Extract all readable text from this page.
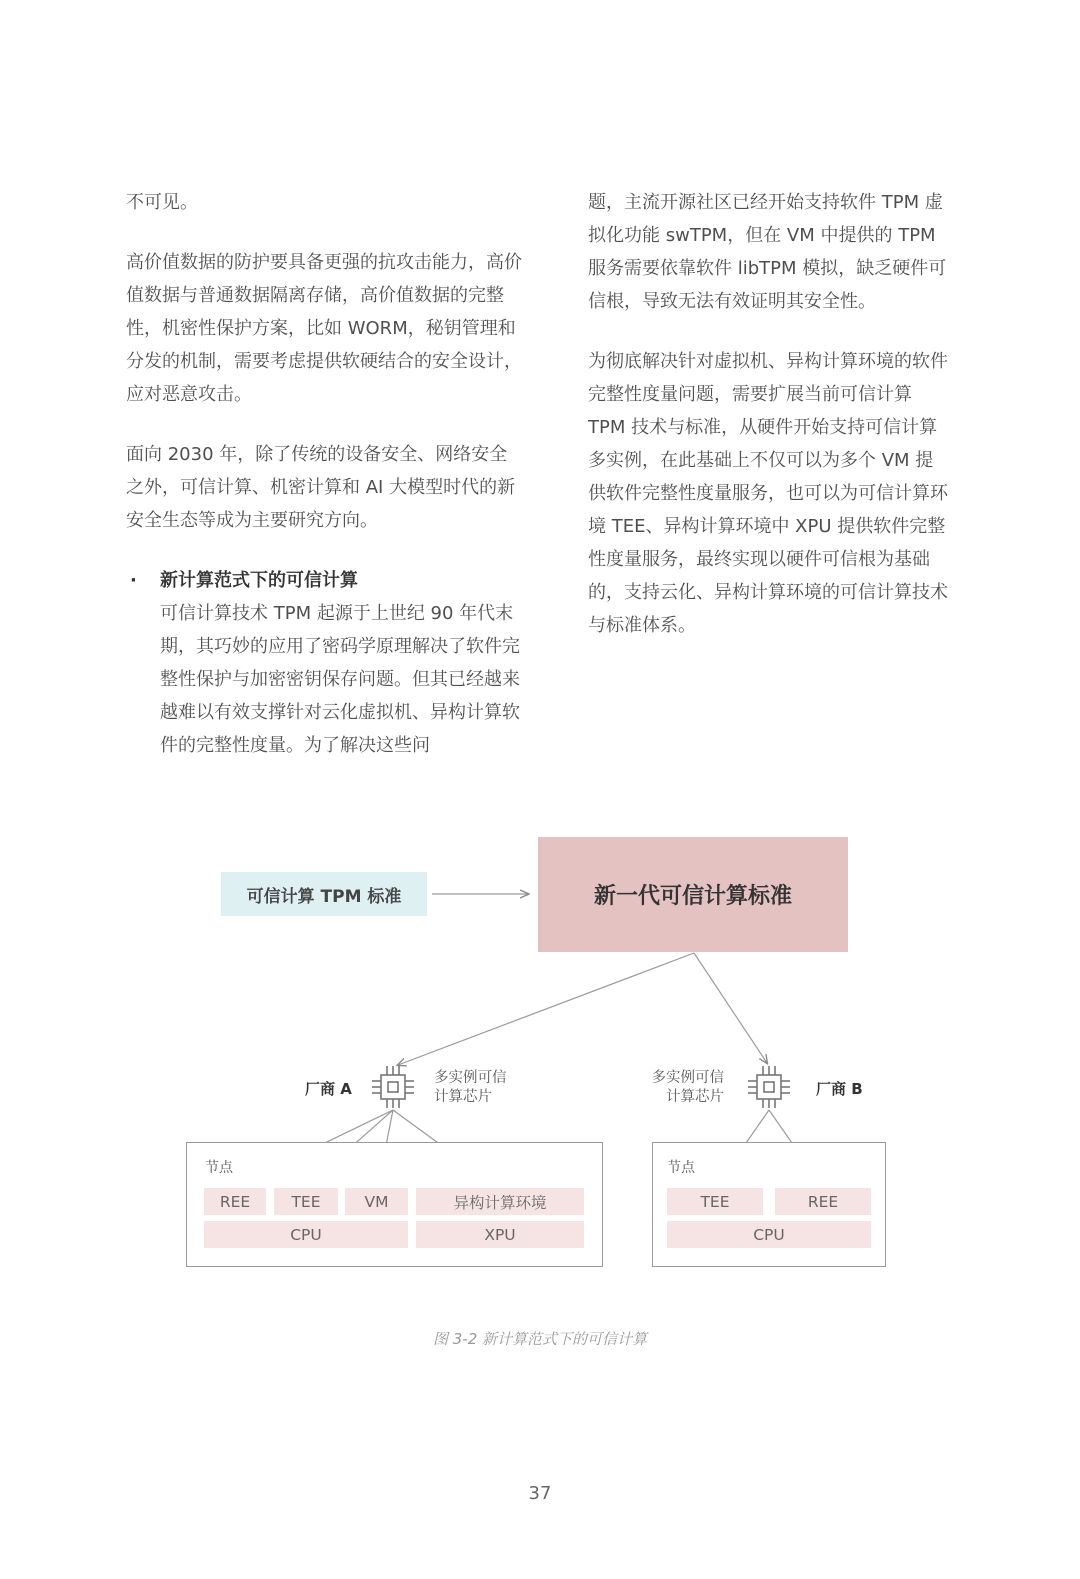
不可见。

高价值数据的防护要具备更强的抗攻击能力，高价值数据与普通数据隔离存储，高价值数据的完整性，机密性保护方案，比如 WORM，秘钥管理和分发的机制，需要考虑提供软硬结合的安全设计，应对恶意攻击。

面向 2030 年，除了传统的设备安全、网络安全之外，可信计算、机密计算和 AI 大模型时代的新安全生态等成为主要研究方向。

· 新计算范式下的可信计算

可信计算技术 TPM 起源于上世纪 90 年代末期，其巧妙的应用了密码学原理解决了软件完整性保护与加密密钥保存问题。但其已经越来越难以有效支撑针对云化虚拟机、异构计算软件的完整性度量。为了解决这些问

题，主流开源社区已经开始支持软件 TPM 虚拟化功能 swTPM，但在 VM 中提供的 TPM 服务需要依靠软件 libTPM 模拟，缺乏硬件可信根，导致无法有效证明其安全性。

为彻底解决针对虚拟机、异构计算环境的软件完整性度量问题，需要扩展当前可信计算 TPM 技术与标准，从硬件开始支持可信计算多实例，在此基础上不仅可以为多个 VM 提供软件完整性度量服务，也可以为可信计算环境 TEE、异构计算环境中 XPU 提供软件完整性度量服务，最终实现以硬件可信根为基础的，支持云化、异构计算环境的可信计算技术与标准体系。

可信计算 TPM 标准	新一代可信计算标准
厂商 A
多实例可信
计算芯片
多实例可信
计算芯片	厂商 B
节点
REE	TEE	VM	异构计算环境
CPU	XPU
节点
TEE	REE
CPU
图 3-2 新计算范式下的可信计算
37
